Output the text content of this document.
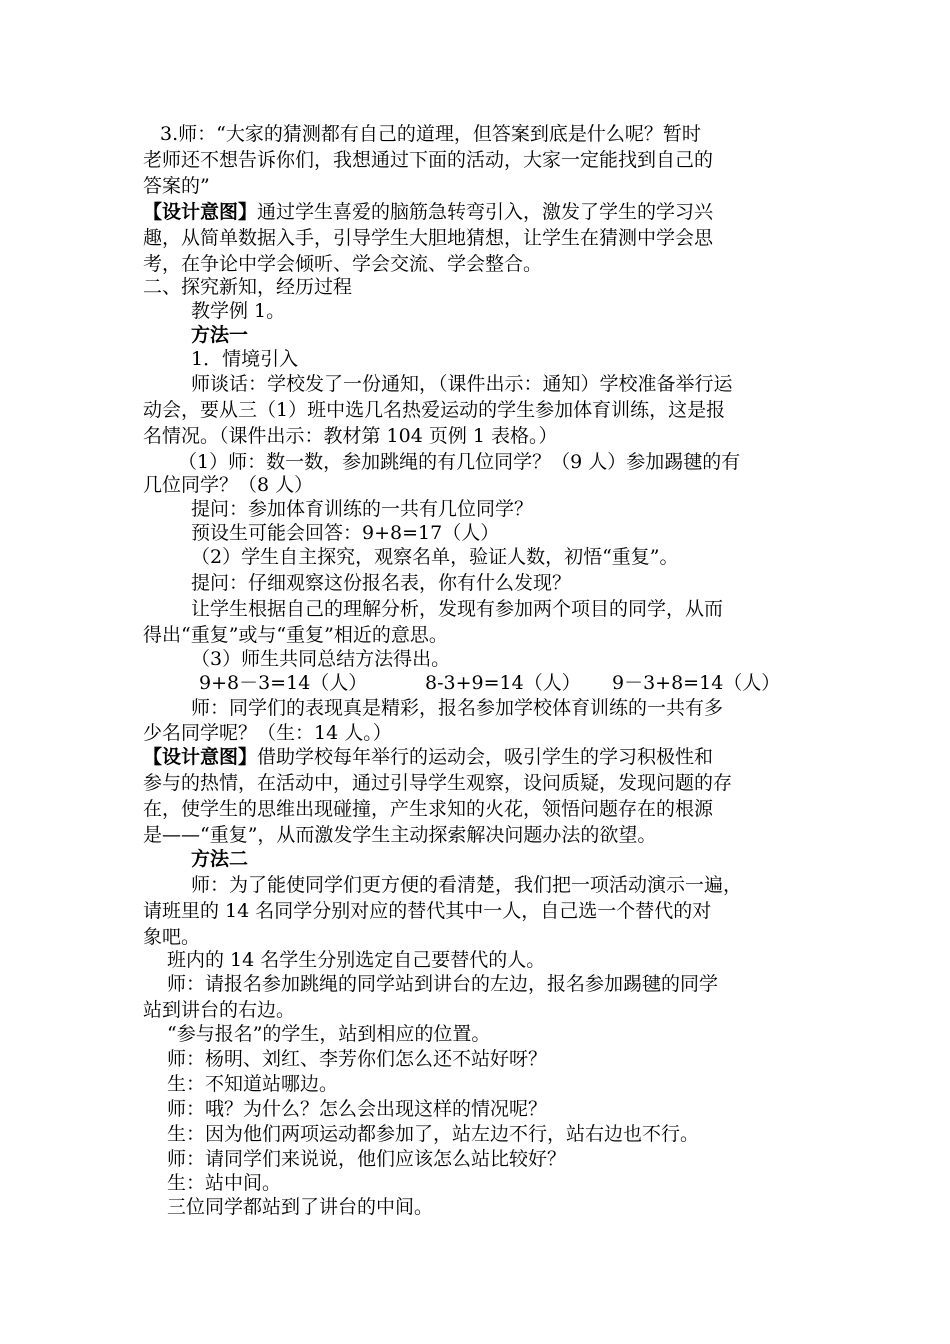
3.师：“大家的猜测都有自己的道理，但答案到底是什么呢？暂时
老师还不想告诉你们，我想通过下面的活动，大家一定能找到自己的
答案的”
【设计意图】通过学生喜爱的脑筋急转弯引入，激发了学生的学习兴
趣，从简单数据入手，引导学生大胆地猜想，让学生在猜测中学会思
考，在争论中学会倾听、学会交流、学会整合。
二、探究新知，经历过程
教学例 1。
方法一
1．情境引入
师谈话：学校发了一份通知，（课件出示：通知）学校准备举行运
动会，要从三（1）班中选几名热爱运动的学生参加体育训练，这是报
名情况。（课件出示：教材第 104 页例 1 表格。）
（1）师：数一数，参加跳绳的有几位同学？（9 人）参加踢毽的有
几位同学？（8 人）
提问：参加体育训练的一共有几位同学？
预设生可能会回答：9+8=17（人）
（2）学生自主探究，观察名单，验证人数，初悟“重复”。
提问：仔细观察这份报名表，你有什么发现？
让学生根据自己的理解分析，发现有参加两个项目的同学，从而
得出“重复”或与“重复”相近的意思。
（3）师生共同总结方法得出。
9+8－3=14（人）	8-3+9=14（人） 9－3+8=14（人）
师：同学们的表现真是精彩，报名参加学校体育训练的一共有多
少名同学呢？（生：14 人。）
【设计意图】借助学校每年举行的运动会，吸引学生的学习积极性和
参与的热情，在活动中，通过引导学生观察，设问质疑，发现问题的存
在，使学生的思维出现碰撞，产生求知的火花，领悟问题存在的根源
是——“重复”，从而激发学生主动探索解决问题办法的欲望。
方法二
师：为了能使同学们更方便的看清楚，我们把一项活动演示一遍，
请班里的 14 名同学分别对应的替代其中一人，自己选一个替代的对
象吧。
班内的 14 名学生分别选定自己要替代的人。
师：请报名参加跳绳的同学站到讲台的左边，报名参加踢毽的同学
站到讲台的右边。
“参与报名”的学生，站到相应的位置。
师：杨明、刘红、李芳你们怎么还不站好呀？
生：不知道站哪边。
师：哦？为什么？怎么会出现这样的情况呢？
生：因为他们两项运动都参加了，站左边不行，站右边也不行。
师：请同学们来说说，他们应该怎么站比较好？
生：站中间。
三位同学都站到了讲台的中间。
